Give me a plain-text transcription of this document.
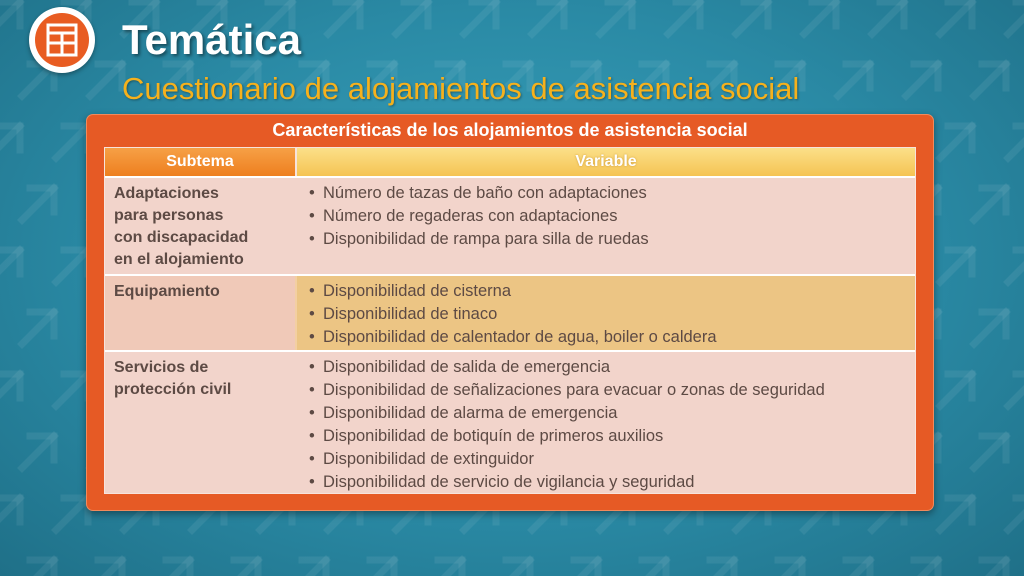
Temática
Cuestionario de alojamientos de asistencia social
Características de los alojamientos de asistencia social
Subtema	Variable
Adaptaciones
para personas
con discapacidad
en el alojamiento
• Número de tazas de baño con adaptaciones
• Número de regaderas con adaptaciones
• Disponibilidad de rampa para silla de ruedas
Equipamiento
•	Disponibilidad de cisterna
• Disponibilidad de tinaco
• Disponibilidad de calentador de agua, boiler o caldera
Servicios de
protección civil
• Disponibilidad de salida de emergencia
• Disponibilidad de señalizaciones para evacuar o zonas de seguridad
• Disponibilidad de alarma de emergencia
• Disponibilidad de botiquín de primeros auxilios
• Disponibilidad de extinguidor
• Disponibilidad de servicio de vigilancia y seguridad
